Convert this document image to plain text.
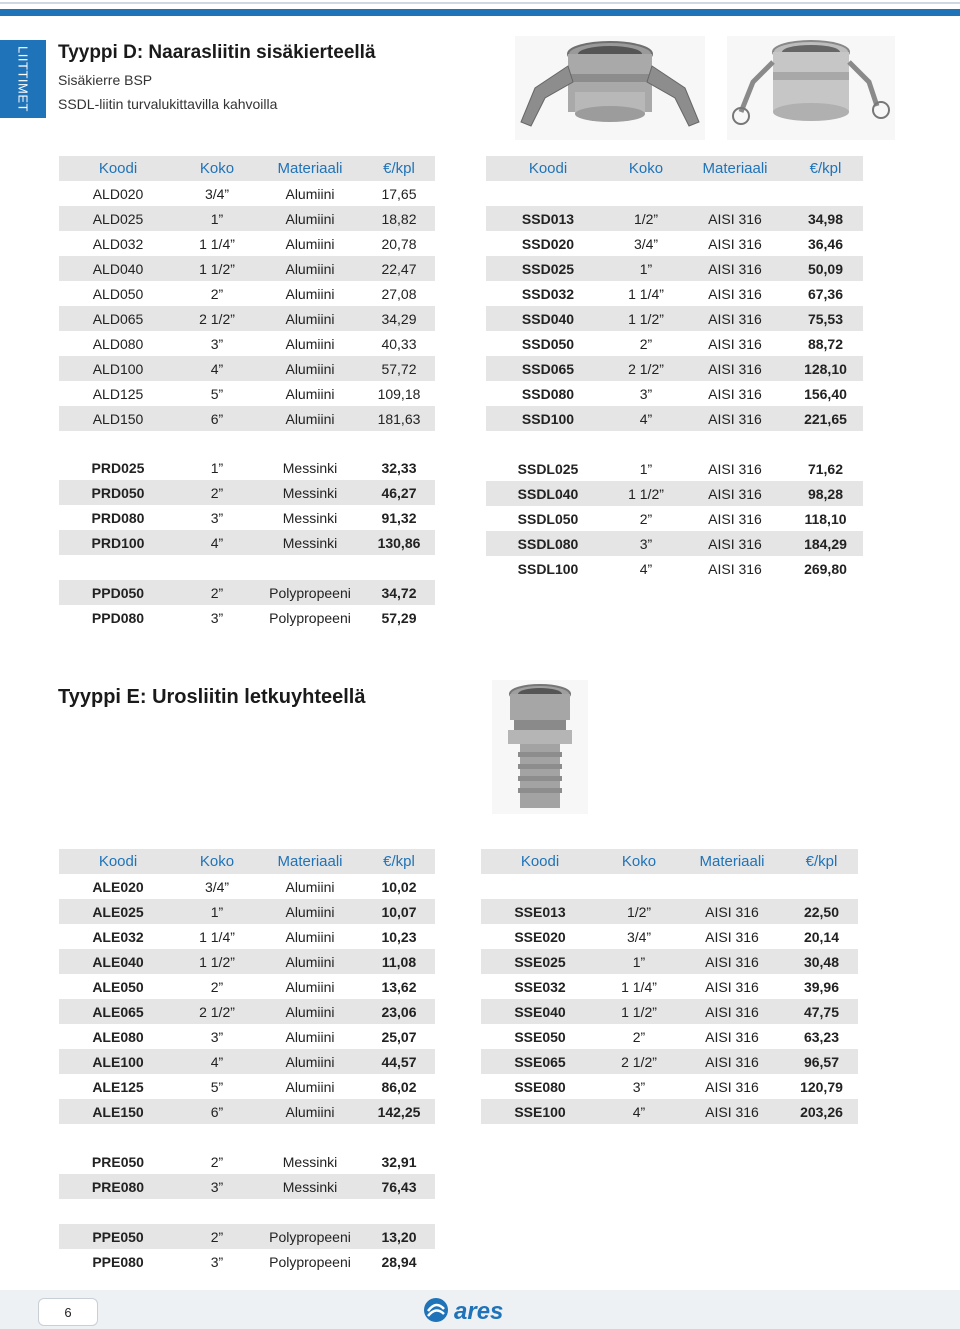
LIITTIMET Tyyppi D: Naarasliitin sisäkierteellä
Sisäkierre BSP
SSDL-liitin turvalukittavilla kahvoilla
Koodi	Koko	Materiaali	€/kpl
ALD020	3/4”	Alumiini	17,65
ALD025	1”	Alumiini	18,82
ALD032	1 1/4”	Alumiini	20,78
ALD040	1 1/2”	Alumiini	22,47
ALD050	2”	Alumiini	27,08
ALD065	2 1/2”	Alumiini	34,29
ALD080	3”	Alumiini	40,33
ALD100	4”	Alumiini	57,72
ALD125	5”	Alumiini	109,18
ALD150	6”	Alumiini	181,63
Koodi	Koko	Materiaali	€/kpl

SSD013	1/2”	AISI 316	34,98
SSD020	3/4”	AISI 316	36,46
SSD025	1”	AISI 316	50,09
SSD032	1 1/4”	AISI 316	67,36
SSD040	1 1/2”	AISI 316	75,53
SSD050	2”	AISI 316	88,72
SSD065	2 1/2”	AISI 316	128,10
SSD080	3”	AISI 316	156,40
SSD100	4”	AISI 316	221,65
PRD025	1”	Messinki	32,33
PRD050	2”	Messinki	46,27
PRD080	3”	Messinki	91,32
PRD100	4”	Messinki	130,86

PPD050	2”	Polypropeeni	34,72
PPD080	3”	Polypropeeni	57,29
SSDL025	1”	AISI 316	71,62
SSDL040	1 1/2”	AISI 316	98,28
SSDL050	2”	AISI 316	118,10
SSDL080	3”	AISI 316	184,29
SSDL100	4”	AISI 316	269,80
Tyyppi E: Urosliitin letkuyhteellä
Koodi	Koko	Materiaali	€/kpl
ALE020	3/4”	Alumiini	10,02
ALE025	1”	Alumiini	10,07
ALE032	1 1/4”	Alumiini	10,23
ALE040	1 1/2”	Alumiini	11,08
ALE050	2”	Alumiini	13,62
ALE065	2 1/2”	Alumiini	23,06
ALE080	3”	Alumiini	25,07
ALE100	4”	Alumiini	44,57
ALE125	5”	Alumiini	86,02
ALE150	6”	Alumiini	142,25
Koodi	Koko	Materiaali	€/kpl

SSE013	1/2”	AISI 316	22,50
SSE020	3/4”	AISI 316	20,14
SSE025	1”	AISI 316	30,48
SSE032	1 1/4”	AISI 316	39,96
SSE040	1 1/2”	AISI 316	47,75
SSE050	2”	AISI 316	63,23
SSE065	2 1/2”	AISI 316	96,57
SSE080	3”	AISI 316	120,79
SSE100	4”	AISI 316	203,26
PRE050	2”	Messinki	32,91
PRE080	3”	Messinki	76,43

PPE050	2”	Polypropeeni	13,20
PPE080	3”	Polypropeeni	28,94
6	ares
